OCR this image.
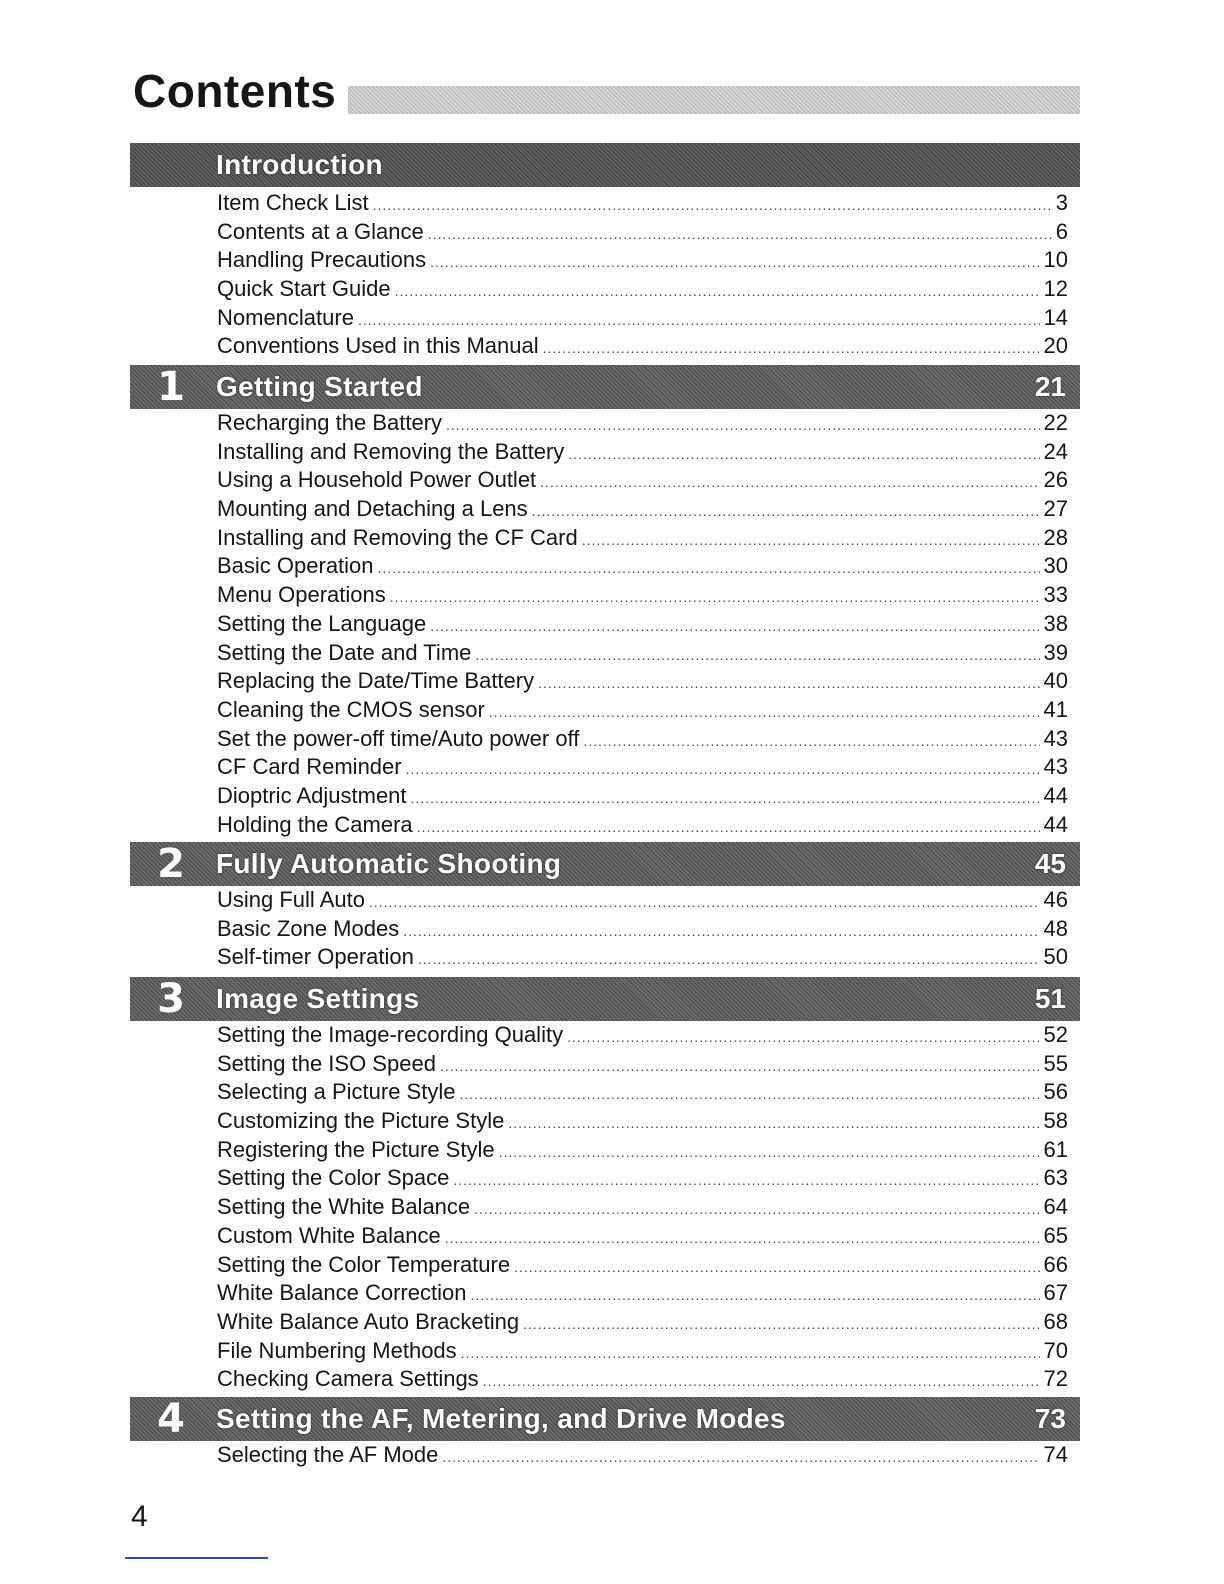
Contents
Introduction
Item Check List .....	3
Contents at a Glance .....	6
Handling Precautions .....	10
Quick Start Guide .....	12
Nomenclature .....	14
Conventions Used in this Manual .....	20
1	Getting Started	21
Recharging the Battery .....	22
Installing and Removing the Battery .....	24
Using a Household Power Outlet .....	26
Mounting and Detaching a Lens .....	27
Installing and Removing the CF Card .....	28
Basic Operation .....	30
Menu Operations .....	33
Setting the Language .....	38
Setting the Date and Time .....	39
Replacing the Date/Time Battery .....	40
Cleaning the CMOS sensor .....	41
Set the power-off time/Auto power off .....	43
CF Card Reminder .....	43
Dioptric Adjustment .....	44
Holding the Camera .....	44
2	Fully Automatic Shooting	45
Using Full Auto .....	46
Basic Zone Modes .....	48
Self-timer Operation .....	50
3	Image Settings	51
Setting the Image-recording Quality .....	52
Setting the ISO Speed .....	55
Selecting a Picture Style .....	56
Customizing the Picture Style .....	58
Registering the Picture Style .....	61
Setting the Color Space .....	63
Setting the White Balance .....	64
Custom White Balance .....	65
Setting the Color Temperature .....	66
White Balance Correction .....	67
White Balance Auto Bracketing .....	68
File Numbering Methods .....	70
Checking Camera Settings .....	72
4	Setting the AF, Metering, and Drive Modes	73
Selecting the AF Mode .....	74
4
